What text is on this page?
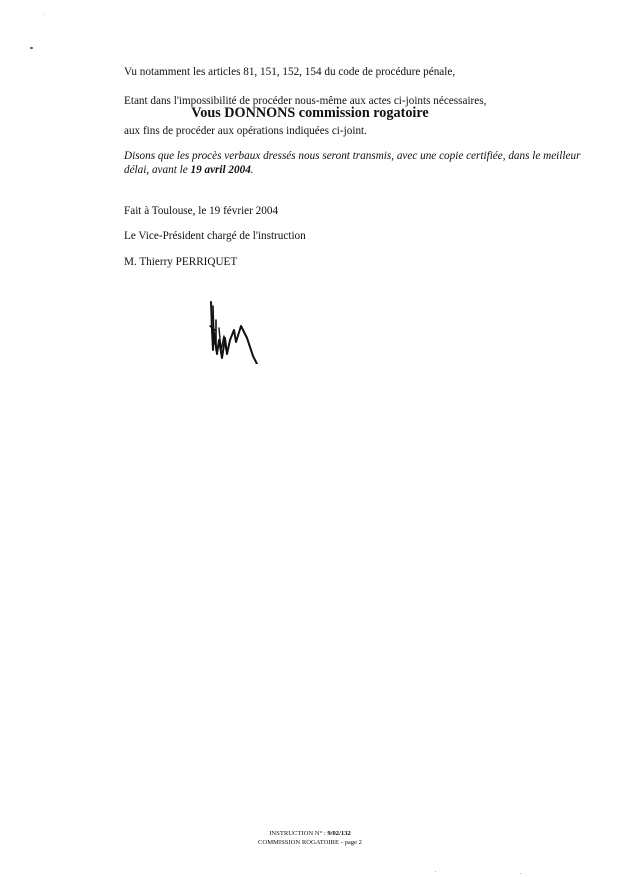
Vu notamment les articles 81, 151, 152, 154 du code de procédure pénale,
Etant dans l'impossibilité de procéder nous-même aux actes ci-joints nécessaires,
Vous DONNONS commission rogatoire
aux fins de procéder aux opérations indiquées ci-joint.
Disons que les procès verbaux dressés nous seront transmis, avec une copie certifiée, dans le meilleur délai, avant le 19 avril 2004.
Fait à Toulouse, le 19 février 2004
Le Vice-Président chargé de l'instruction
M. Thierry PERRIQUET
INSTRUCTION N° : 9/02/132
COMMISSION ROGATOIRE - page 2
